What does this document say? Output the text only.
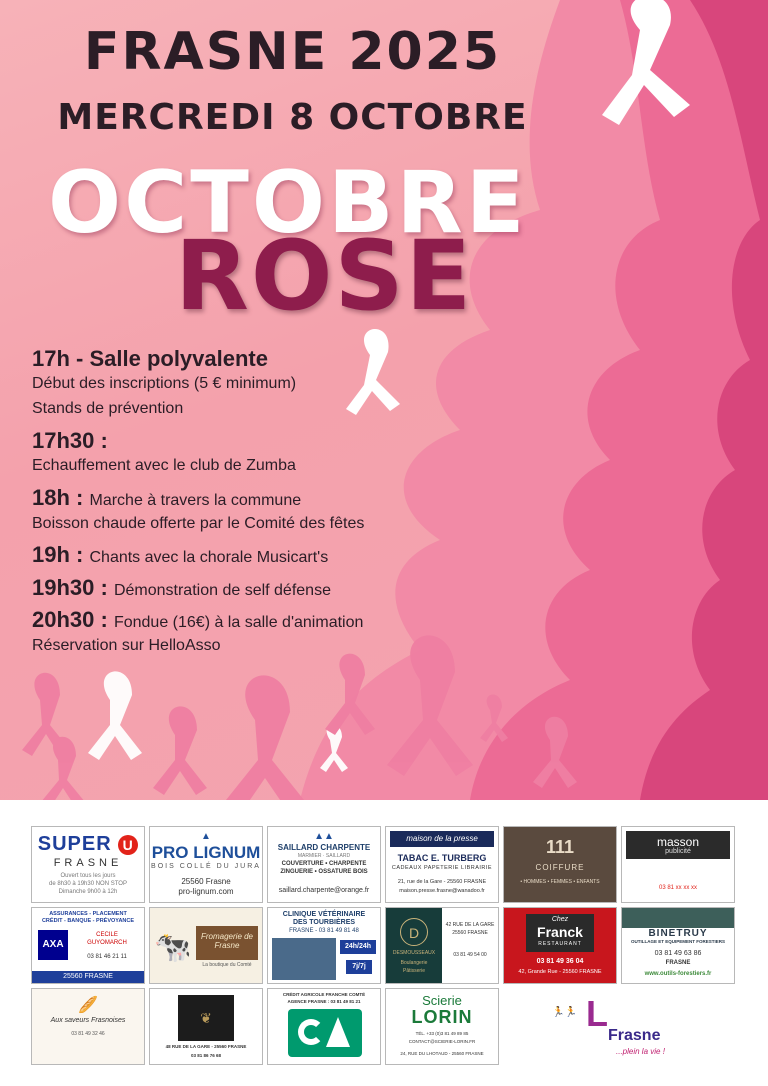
FRASNE 2025
MERCREDI 8 OCTOBRE
OCTOBRE
ROSE
17h - Salle polyvalente
Début des inscriptions (5 € minimum)
Stands de prévention
17h30 :
Echauffement avec le club de Zumba
18h : Marche à travers la commune
Boisson chaude offerte par le Comité des fêtes
19h : Chants avec la chorale Musicart's
19h30 : Démonstration de self défense
20h30 : Fondue (16€) à la salle d'animation
Réservation sur HelloAsso
SUPER U
FRASNE
Ouvert tous les jours
de 8h30 à 19h30 NON STOP
Dimanche 9h00 à 12h
▲
PRO LIGNUM
BOIS COLLÉ DU JURA
25560 Frasne
pro-lignum.com
▲▲
SAILLARD CHARPENTE
MARMIER · SAILLARD
COUVERTURE • CHARPENTE
ZINGUERIE • OSSATURE BOIS
saillard.charpente@orange.fr
maison de la presse
TABAC E. TURBERG
CADEAUX PAPETERIE LIBRAIRIE
21, rue de la Gare - 25560 FRASNE
maison.presse.frasne@wanadoo.fr
111
COIFFURE
• HOMMES • FEMMES • ENFANTS
masson
publicité
03 81 xx xx xx
ASSURANCES - PLACEMENT
CRÉDIT - BANQUE - PRÉVOYANCE
AXA
CECILE
GUYOMARCH
03 81 46 21 11
25560 FRASNE
🐄	Fromagerie de Frasne
La boutique du Comté
CLINIQUE VÉTÉRINAIRE
DES TOURBIÈRES
FRASNE - 03 81 49 81 48
24h/24h
7j/7j
D
DESMOUSSEAUX
Boulangerie
Pâtisserie
42 RUE DE LA GARE
25560 FRASNE
03 81 49 54 00
Chez
Franck
RESTAURANT
03 81 49 36 04
42, Grande Rue - 25560 FRASNE
BINETRUY
OUTILLAGE ET EQUIPEMENT FORESTIERS
03 81 49 63 86
FRASNE
www.outils-forestiers.fr
🥖
Aux saveurs Frasnoises
03 81 49 32 46
❦
48 RUE DE LA GARE - 25560 FRASNE
03 81 86 76 68
CRÉDIT AGRICOLE FRANCHE COMTÉ
AGENCE FRASNE : 03 81 49 81 21	Scierie
LORIN
TÉL. +33 (0)3 81 49 89 85
CONTACT@SCIERIE-LORIN.FR
24, RUE DU LHOTAUD - 25560 FRASNE
L
🏃🏃
Frasne
...plein la vie !
